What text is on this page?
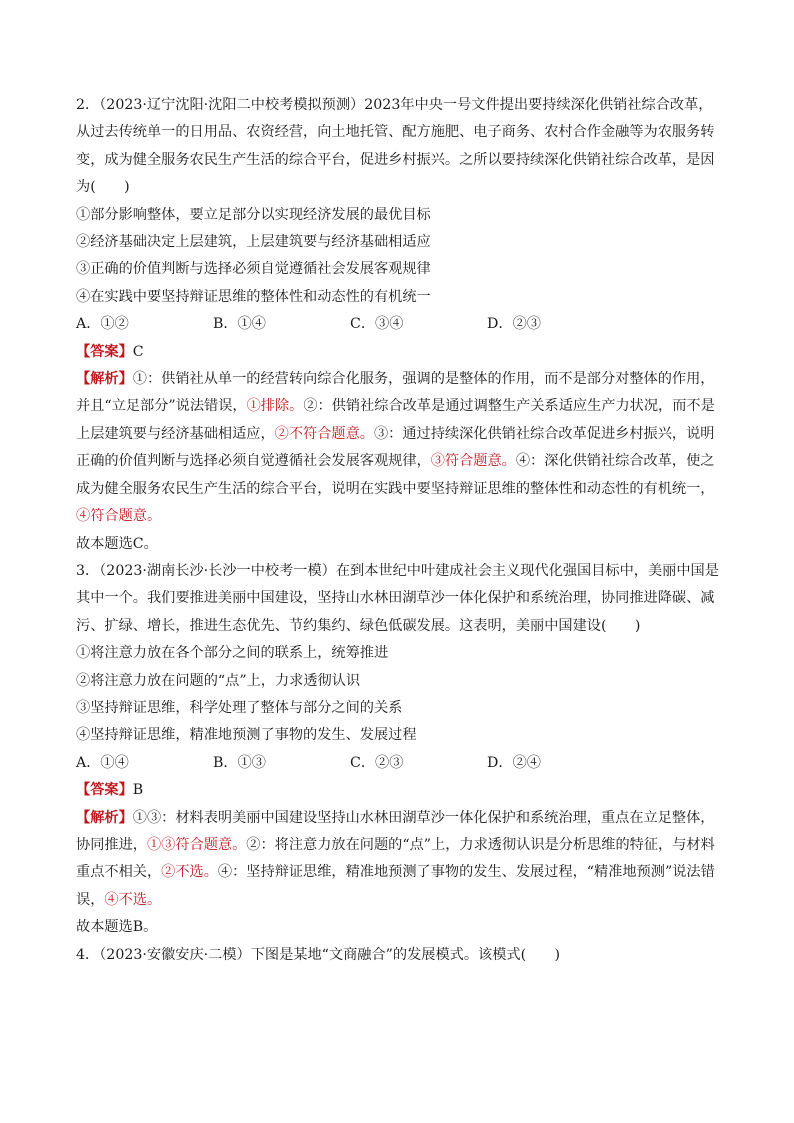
2．（2023·辽宁沈阳·沈阳二中校考模拟预测）2023年中央一号文件提出要持续深化供销社综合改革，从过去传统单一的日用品、农资经营，向土地托管、配方施肥、电子商务、农村合作金融等为农服务转变，成为健全服务农民生产生活的综合平台，促进乡村振兴。之所以要持续深化供销社综合改革，是因为(　　)

①部分影响整体，要立足部分以实现经济发展的最优目标

②经济基础决定上层建筑，上层建筑要与经济基础相适应

③正确的价值判断与选择必须自觉遵循社会发展客观规律

④在实践中要坚持辩证思维的整体性和动态性的有机统一

A．①②	B．①④	C．③④	D．②③

【答案】C

【解析】①：供销社从单一的经营转向综合化服务，强调的是整体的作用，而不是部分对整体的作用，并且“立足部分”说法错误，①排除。②：供销社综合改革是通过调整生产关系适应生产力状况，而不是上层建筑要与经济基础相适应，②不符合题意。③：通过持续深化供销社综合改革促进乡村振兴，说明正确的价值判断与选择必须自觉遵循社会发展客观规律，③符合题意。④：深化供销社综合改革，使之成为健全服务农民生产生活的综合平台，说明在实践中要坚持辩证思维的整体性和动态性的有机统一，④符合题意。

故本题选C。

3．（2023·湖南长沙·长沙一中校考一模）在到本世纪中叶建成社会主义现代化强国目标中，美丽中国是其中一个。我们要推进美丽中国建设，坚持山水林田湖草沙一体化保护和系统治理，协同推进降碳、减污、扩绿、增长，推进生态优先、节约集约、绿色低碳发展。这表明，美丽中国建设(　　)

①将注意力放在各个部分之间的联系上，统筹推进

②将注意力放在问题的“点”上，力求透彻认识

③坚持辩证思维，科学处理了整体与部分之间的关系

④坚持辩证思维，精准地预测了事物的发生、发展过程

A．①④	B．①③	C．②③	D．②④

【答案】B

【解析】①③：材料表明美丽中国建设坚持山水林田湖草沙一体化保护和系统治理，重点在立足整体，协同推进，①③符合题意。②：将注意力放在问题的“点”上，力求透彻认识是分析思维的特征，与材料重点不相关，②不选。④：坚持辩证思维，精准地预测了事物的发生、发展过程，“精准地预测”说法错误，④不选。

故本题选B。

4．（2023·安徽安庆·二模）下图是某地“文商融合”的发展模式。该模式(　　)
